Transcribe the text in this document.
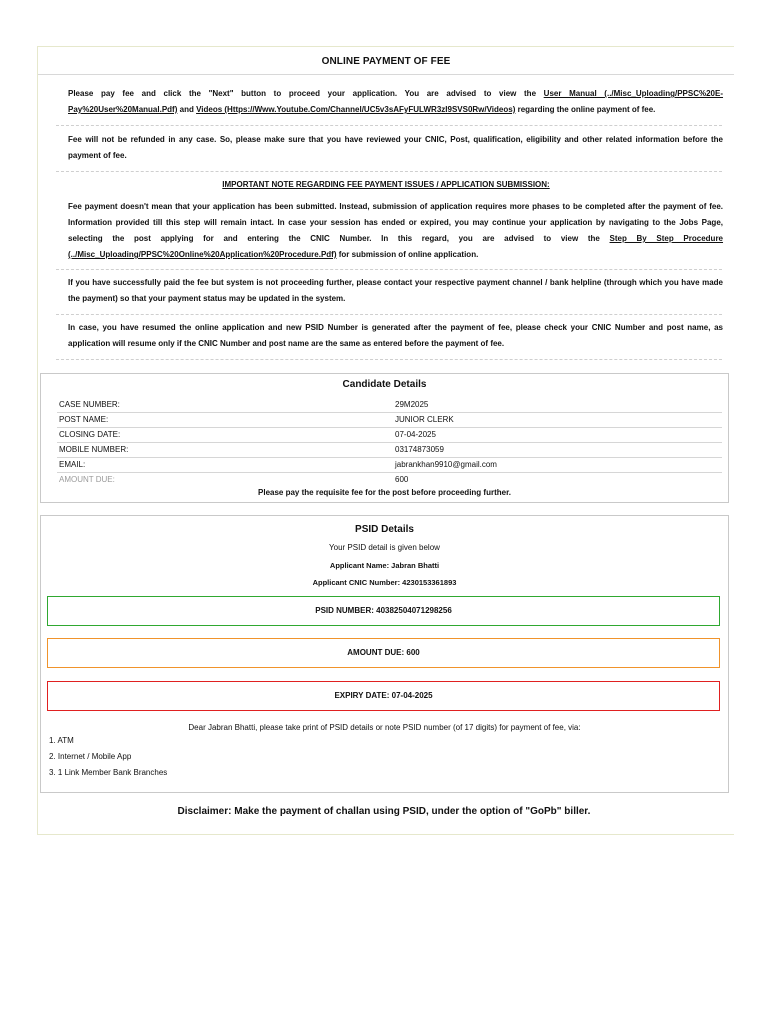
ONLINE PAYMENT OF FEE
Please pay fee and click the "Next" button to proceed your application. You are advised to view the User Manual (../Misc_Uploading/PPSC%20E-Pay%20User%20Manual.Pdf) and Videos (Https://Www.Youtube.Com/Channel/UC5v3sAFyFULWR3zI9SVS0Rw/Videos) regarding the online payment of fee.
Fee will not be refunded in any case. So, please make sure that you have reviewed your CNIC, Post, qualification, eligibility and other related information before the payment of fee.
IMPORTANT NOTE REGARDING FEE PAYMENT ISSUES / APPLICATION SUBMISSION:
Fee payment doesn't mean that your application has been submitted. Instead, submission of application requires more phases to be completed after the payment of fee. Information provided till this step will remain intact. In case your session has ended or expired, you may continue your application by navigating to the Jobs Page, selecting the post applying for and entering the CNIC Number. In this regard, you are advised to view the Step By Step Procedure (../Misc_Uploading/PPSC%20Online%20Application%20Procedure.Pdf) for submission of online application.
If you have successfully paid the fee but system is not proceeding further, please contact your respective payment channel / bank helpline (through which you have made the payment) so that your payment status may be updated in the system.
In case, you have resumed the online application and new PSID Number is generated after the payment of fee, please check your CNIC Number and post name, as application will resume only if the CNIC Number and post name are the same as entered before the payment of fee.
Candidate Details
CASE NUMBER:	29M2025
POST NAME:	JUNIOR CLERK
CLOSING DATE:	07-04-2025
MOBILE NUMBER:	03174873059
EMAIL:	jabrankhan9910@gmail.com
AMOUNT DUE:	600
Please pay the requisite fee for the post before proceeding further.
PSID Details
Your PSID detail is given below
Applicant Name: Jabran Bhatti
Applicant CNIC Number: 4230153361893
PSID NUMBER: 40382504071298256
AMOUNT DUE: 600
EXPIRY DATE: 07-04-2025
Dear Jabran Bhatti, please take print of PSID details or note PSID number (of 17 digits) for payment of fee, via:
1. ATM
2. Internet / Mobile App
3. 1 Link Member Bank Branches
Disclaimer: Make the payment of challan using PSID, under the option of "GoPb" biller.
